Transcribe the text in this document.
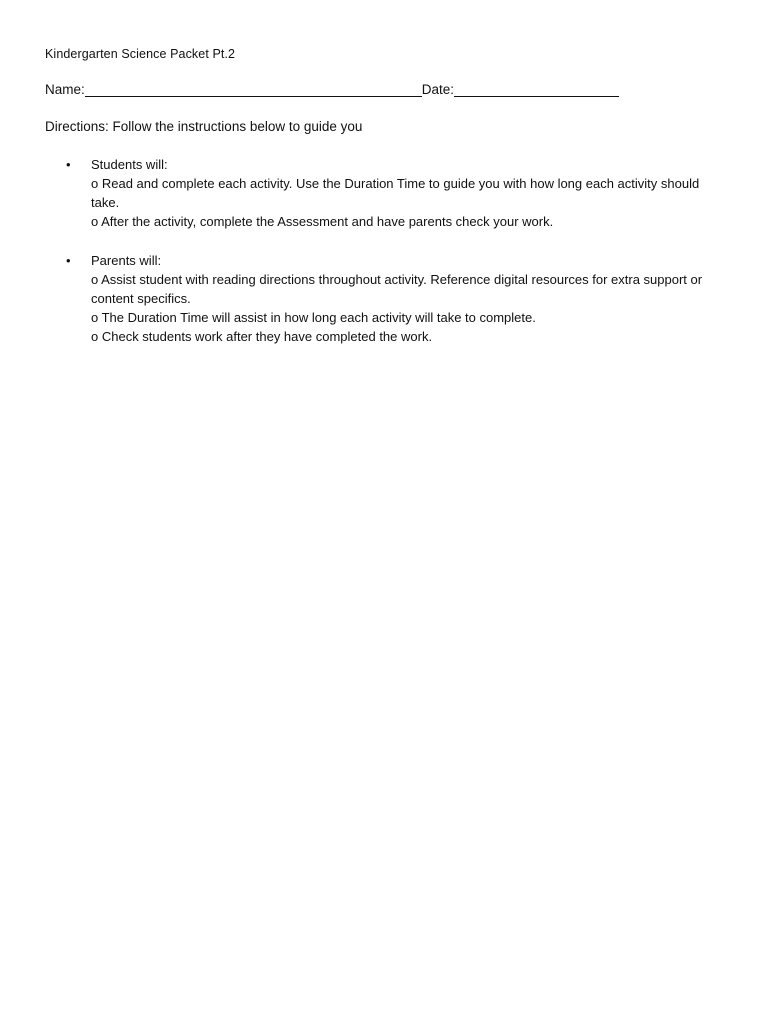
Kindergarten Science Packet Pt.2
Name:	Date:
Directions: Follow the instructions below to guide you
• Students will:
o Read and complete each activity. Use the Duration Time to guide you with how long each activity should take.
o After the activity, complete the Assessment and have parents check your work.
• Parents will:
o Assist student with reading directions throughout activity. Reference digital resources for extra support or content specifics.
o The Duration Time will assist in how long each activity will take to complete.
o Check students work after they have completed the work.
